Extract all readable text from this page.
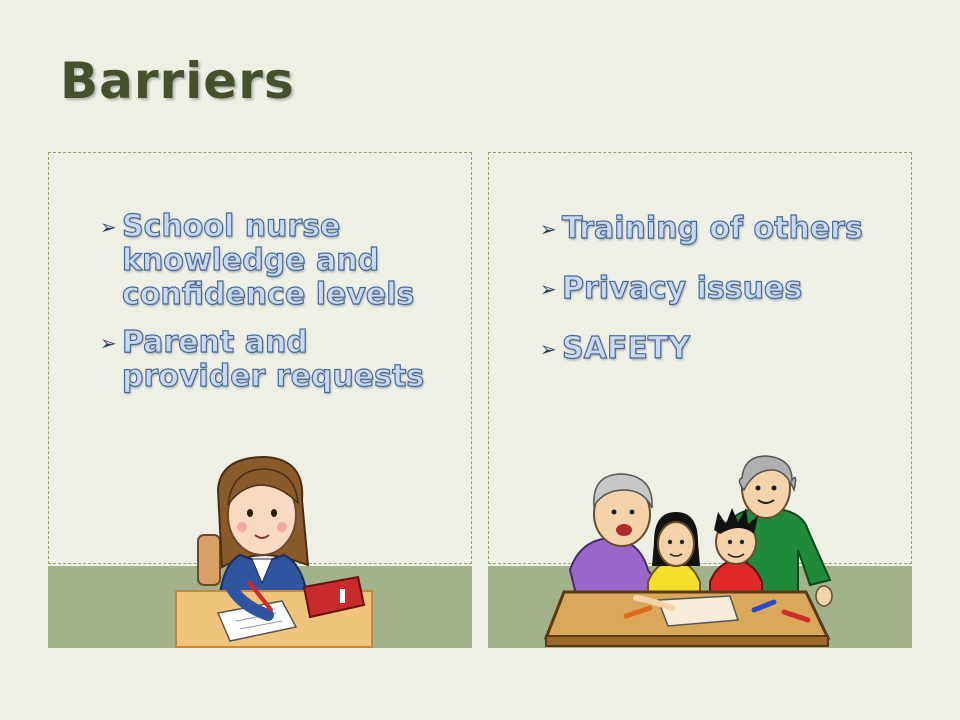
Barriers
➢ School nurse knowledge and confidence levels
➢ Parent and provider requests
➢ Training of others
➢ Privacy issues
➢ SAFETY
